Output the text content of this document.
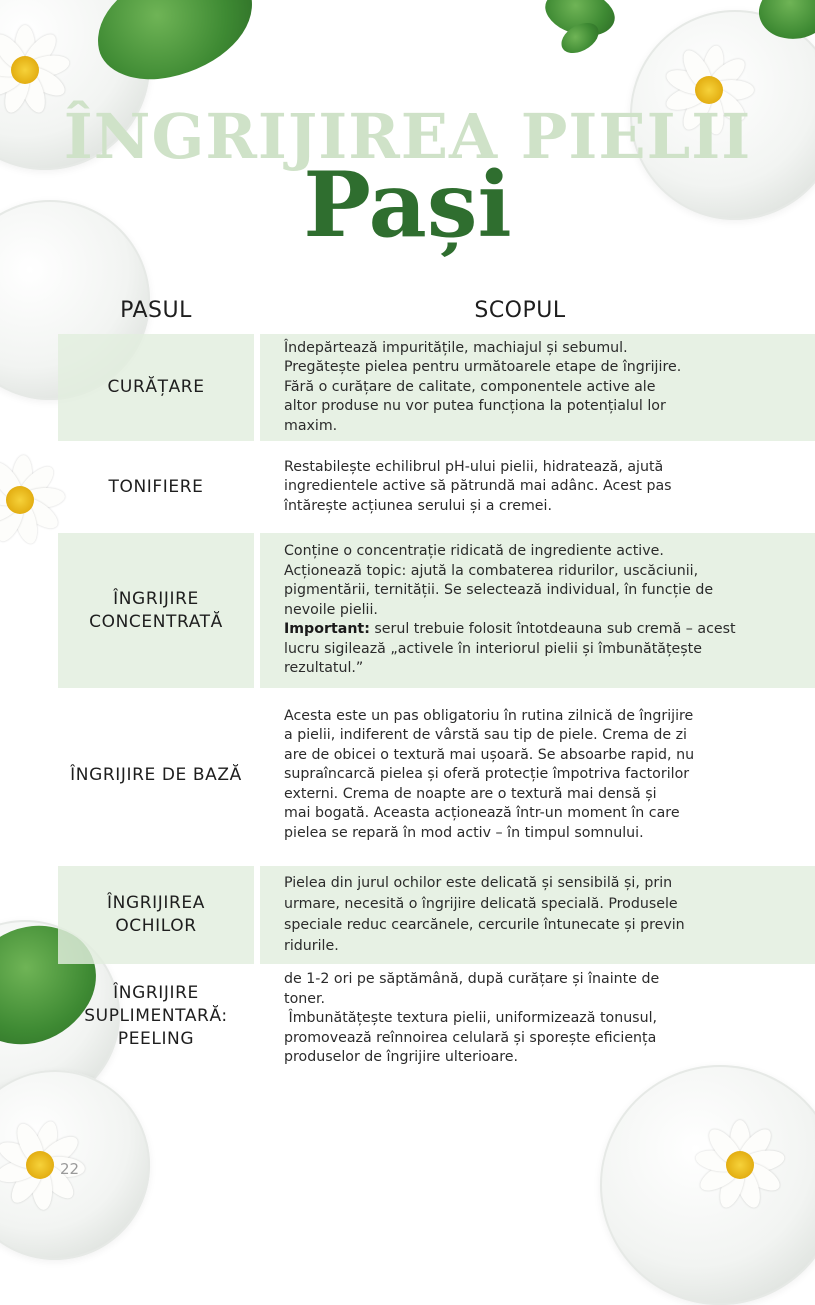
ÎNGRIJIREA PIELII
Pași
PASUL	SCOPUL
CURĂȚARE
Îndepărtează impuritățile, machiajul și sebumul.
Pregătește pielea pentru următoarele etape de îngrijire.
Fără o curățare de calitate, componentele active ale
altor produse nu vor putea funcționa la potențialul lor
maxim.
TONIFIERE
Restabilește echilibrul pH-ului pielii, hidratează, ajută
ingredientele active să pătrundă mai adânc. Acest pas
întărește acțiunea serului și a cremei.
ÎNGRIJIRE
CONCENTRATĂ
Conține o concentrație ridicată de ingrediente active.
Acționează topic: ajută la combaterea ridurilor, uscăciunii,
pigmentării, ternității. Se selectează individual, în funcție de
nevoile pielii.
Important: serul trebuie folosit întotdeauna sub cremă – acest
lucru sigilează „activele în interiorul pielii și îmbunătățește
rezultatul.”
ÎNGRIJIRE DE BAZĂ
Acesta este un pas obligatoriu în rutina zilnică de îngrijire
a pielii, indiferent de vârstă sau tip de piele. Crema de zi
are de obicei o textură mai ușoară. Se absoarbe rapid, nu
supraîncarcă pielea și oferă protecție împotriva factorilor
externi. Crema de noapte are o textură mai densă și
mai bogată. Aceasta acționează într-un moment în care
pielea se repară în mod activ – în timpul somnului.
ÎNGRIJIREA
OCHILOR
Pielea din jurul ochilor este delicată și sensibilă și, prin
urmare, necesită o îngrijire delicată specială. Produsele
speciale reduc cearcănele, cercurile întunecate și previn
ridurile.
ÎNGRIJIRE
SUPLIMENTARĂ:
PEELING
de 1-2 ori pe săptămână, după curățare și înainte de
toner.
Îmbunătățește textura pielii, uniformizează tonusul,
promovează reînnoirea celulară și sporește eficiența
produselor de îngrijire ulterioare.
22
